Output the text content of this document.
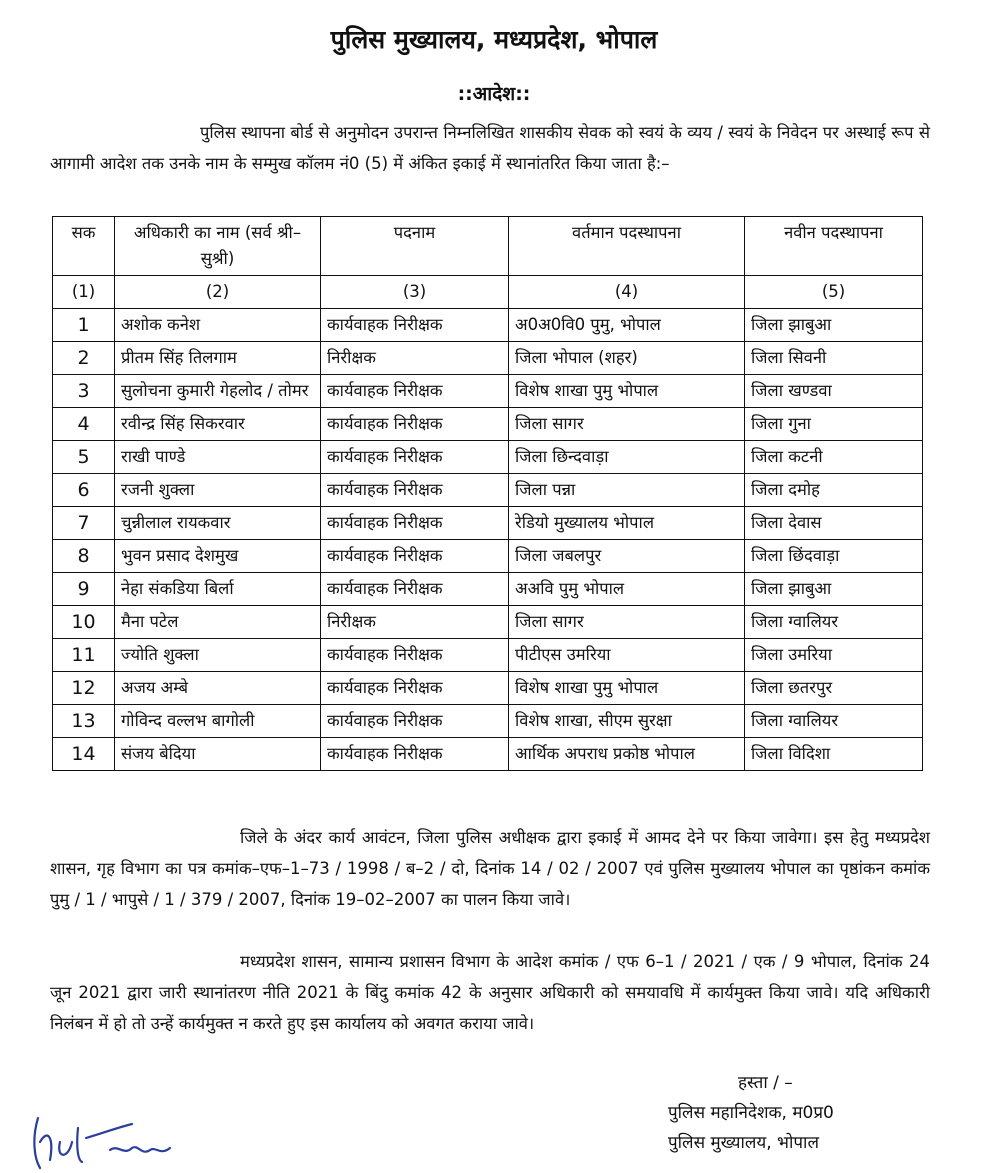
पुलिस मुख्यालय, मध्यप्रदेश, भोपाल
::आदेश::
पुलिस स्थापना बोर्ड से अनुमोदन उपरान्त निम्नलिखित शासकीय सेवक को स्वयं के व्यय / स्वयं के निवेदन पर अस्थाई रूप से आगामी आदेश तक उनके नाम के सम्मुख कॉलम नं0 (5) में अंकित इकाई में स्थानांतरित किया जाता है:–
सक	अधिकारी का नाम (सर्व श्री–सुश्री)	पदनाम	वर्तमान पदस्थापना	नवीन पदस्थापना
(1)	(2)	(3)	(4)	(5)
1	अशोक कनेश	कार्यवाहक निरीक्षक	अ0अ0वि0 पुमु, भोपाल	जिला झाबुआ
2	प्रीतम सिंह तिलगाम	निरीक्षक	जिला भोपाल (शहर)	जिला सिवनी
3	सुलोचना कुमारी गेहलोद / तोमर	कार्यवाहक निरीक्षक	विशेष शाखा पुमु भोपाल	जिला खण्डवा
4	रवीन्द्र सिंह सिकरवार	कार्यवाहक निरीक्षक	जिला सागर	जिला गुना
5	राखी पाण्डे	कार्यवाहक निरीक्षक	जिला छिन्दवाड़ा	जिला कटनी
6	रजनी शुक्ला	कार्यवाहक निरीक्षक	जिला पन्ना	जिला दमोह
7	चुन्नीलाल रायकवार	कार्यवाहक निरीक्षक	रेडियो मुख्यालय भोपाल	जिला देवास
8	भुवन प्रसाद देशमुख	कार्यवाहक निरीक्षक	जिला जबलपुर	जिला छिंदवाड़ा
9	नेहा संकडिया बिर्ला	कार्यवाहक निरीक्षक	अअवि पुमु भोपाल	जिला झाबुआ
10	मैना पटेल	निरीक्षक	जिला सागर	जिला ग्वालियर
11	ज्योति शुक्ला	कार्यवाहक निरीक्षक	पीटीएस उमरिया	जिला उमरिया
12	अजय अम्बे	कार्यवाहक निरीक्षक	विशेष शाखा पुमु भोपाल	जिला छतरपुर
13	गोविन्द वल्लभ बागोली	कार्यवाहक निरीक्षक	विशेष शाखा, सीएम सुरक्षा	जिला ग्वालियर
14	संजय बेदिया	कार्यवाहक निरीक्षक	आर्थिक अपराध प्रकोष्ठ भोपाल	जिला विदिशा
जिले के अंदर कार्य आवंटन, जिला पुलिस अधीक्षक द्वारा इकाई में आमद देने पर किया जावेगा। इस हेतु मध्यप्रदेश शासन, गृह विभाग का पत्र कमांक–एफ–1–73 / 1998 / ब–2 / दो, दिनांक 14 / 02 / 2007 एवं पुलिस मुख्यालय भोपाल का पृष्ठांकन कमांक पुमु / 1 / भापुसे / 1 / 379 / 2007, दिनांक 19–02–2007 का पालन किया जावे।
मध्यप्रदेश शासन, सामान्य प्रशासन विभाग के आदेश कमांक / एफ 6–1 / 2021 / एक / 9 भोपाल, दिनांक 24 जून 2021 द्वारा जारी स्थानांतरण नीति 2021 के बिंदु कमांक 42 के अनुसार अधिकारी को समयावधि में कार्यमुक्त किया जावे। यदि अधिकारी निलंबन में हो तो उन्हें कार्यमुक्त न करते हुए इस कार्यालय को अवगत कराया जावे।
हस्ता / –
पुलिस महानिदेशक, म0प्र0
पुलिस मुख्यालय, भोपाल
